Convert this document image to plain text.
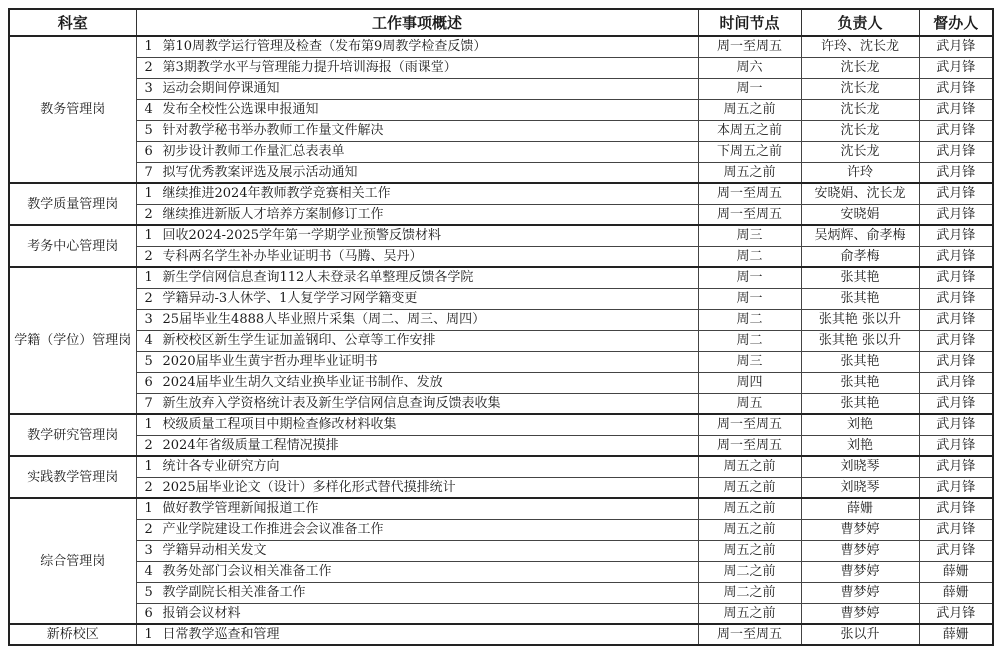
科室	工作事项概述	时间节点	负责人	督办人
教务管理岗	1 第10周教学运行管理及检查（发布第9周教学检查反馈）	周一至周五	许玲、沈长龙	武月锋
	2 第3期教学水平与管理能力提升培训海报（雨课堂）	周六	沈长龙	武月锋
	3 运动会期间停课通知	周一	沈长龙	武月锋
	4 发布全校性公选课申报通知	周五之前	沈长龙	武月锋
	5 针对教学秘书举办教师工作量文件解决	本周五之前	沈长龙	武月锋
	6 初步设计教师工作量汇总表表单	下周五之前	沈长龙	武月锋
	7 拟写优秀教案评选及展示活动通知	周五之前	许玲	武月锋
教学质量管理岗	1 继续推进2024年教师教学竞赛相关工作	周一至周五	安晓娟、沈长龙	武月锋
	2 继续推进新版人才培养方案制修订工作	周一至周五	安晓娟	武月锋
考务中心管理岗	1 回收2024-2025学年第一学期学业预警反馈材料	周三	吴炳辉、俞孝梅	武月锋
	2 专科两名学生补办毕业证明书（马腾、吴丹）	周二	俞孝梅	武月锋
学籍（学位）管理岗	1 新生学信网信息查询112人未登录名单整理反馈各学院	周一	张其艳	武月锋
	2 学籍异动-3人休学、1人复学学习网学籍变更	周一	张其艳	武月锋
	3 25届毕业生4888人毕业照片采集（周二、周三、周四）	周二	张其艳 张以升	武月锋
	4 新校校区新生学生证加盖钢印、公章等工作安排	周二	张其艳 张以升	武月锋
	5 2020届毕业生黄宇哲办理毕业证明书	周三	张其艳	武月锋
	6 2024届毕业生胡久文结业换毕业证书制作、发放	周四	张其艳	武月锋
	7 新生放弃入学资格统计表及新生学信网信息查询反馈表收集	周五	张其艳	武月锋
教学研究管理岗	1 校级质量工程项目中期检查修改材料收集	周一至周五	刘艳	武月锋
	2 2024年省级质量工程情况摸排	周一至周五	刘艳	武月锋
实践教学管理岗	1 统计各专业研究方向	周五之前	刘晓琴	武月锋
	2 2025届毕业论文（设计）多样化形式替代摸排统计	周五之前	刘晓琴	武月锋
综合管理岗	1 做好教学管理新闻报道工作	周五之前	薛姗	武月锋
	2 产业学院建设工作推进会会议准备工作	周五之前	曹梦婷	武月锋
	3 学籍异动相关发文	周五之前	曹梦婷	武月锋
	4 教务处部门会议相关准备工作	周二之前	曹梦婷	薛姗
	5 教学副院长相关准备工作	周二之前	曹梦婷	薛姗
	6 报销会议材料	周五之前	曹梦婷	武月锋
新桥校区	1 日常教学巡查和管理	周一至周五	张以升	薛姗
